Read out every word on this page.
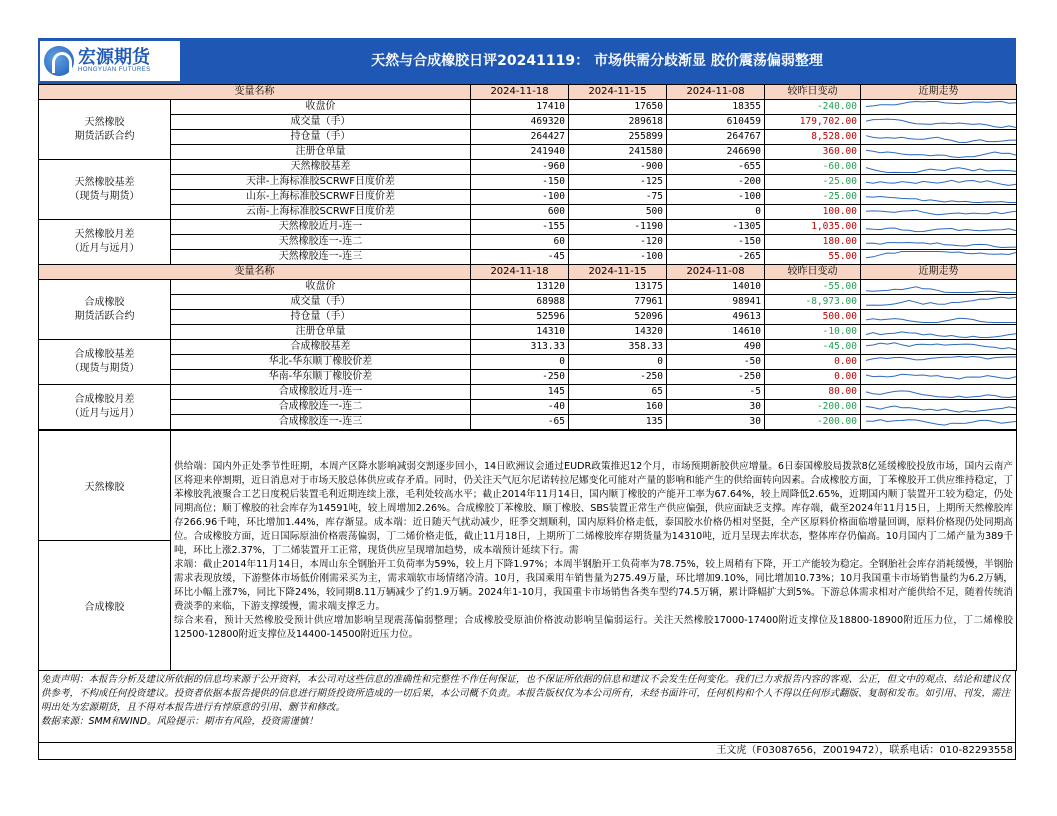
宏源期货
HONGYUAN FUTURES
天然与合成橡胶日评20241119： 市场供需分歧渐显 胶价震荡偏弱整理
变量名称		2024-11-18	2024-11-15	2024-11-08	较昨日变动	近期走势
天然橡胶
期货活跃合约	收盘价	17410	17650	18355	-240.00	

	成交量（手）	469320	289618	610459	179,702.00	

	持仓量（手）	264427	255899	264767	8,528.00	

	注册仓单量	241940	241580	246690	360.00	

天然橡胶基差
（现货与期货）	天然橡胶基差	-960	-900	-655	-60.00	

	天津-上海标准胶SCRWF日度价差	-150	-125	-200	-25.00	

	山东-上海标准胶SCRWF日度价差	-100	-75	-100	-25.00	

	云南-上海标准胶SCRWF日度价差	600	500	0	100.00	

天然橡胶月差
（近月与远月）	天然橡胶近月-连一	-155	-1190	-1305	1,035.00	

	天然橡胶连一-连二	60	-120	-150	180.00	

	天然橡胶连一-连三	-45	-100	-265	55.00	

变量名称		2024-11-18	2024-11-15	2024-11-08	较昨日变动	近期走势
合成橡胶
期货活跃合约	收盘价	13120	13175	14010	-55.00	

	成交量（手）	68988	77961	98941	-8,973.00	

	持仓量（手）	52596	52096	49613	500.00	

	注册仓单量	14310	14320	14610	-10.00	

合成橡胶基差
（现货与期货）	合成橡胶基差	313.33	358.33	490	-45.00	

	华北-华东顺丁橡胶价差	0	0	-50	0.00	

	华南-华东顺丁橡胶价差	-250	-250	-250	0.00	

合成橡胶月差
（近月与远月）	合成橡胶近月-连一	145	65	-5	80.00	

	合成橡胶连一-连二	-40	160	30	-200.00	

	合成橡胶连一-连三	-65	135	30	-200.00	
天然橡胶	

供给端：国内外正处季节性旺期，本周产区降水影响减弱交割逐步回小，14日欧洲议会通过EUDR政策推迟12个月，市场预期新胶供应增量。6日泰国橡胶局拨款8亿延缓橡胶投放市场，国内云南产区将迎来停割期，近日消息对于市场天胶总体供应或存矛盾。同时，仍关注天气厄尔尼诺转拉尼娜变化可能对产量的影响和能产生的供给面转向因素。合成橡胶方面，丁苯橡胶开工供应维持稳定，丁苯橡胶乳液聚合工艺日度税后装置毛利近期连续上涨，毛利处较高水平；截止2014年11月14日，国内顺丁橡胶的产能开工率为67.64%，较上周降低2.65%，近期国内顺丁装置开工较为稳定，仍处同期高位；顺丁橡胶的社会库存为14591吨，较上周增加2.26%。合成橡胶丁苯橡胶、顺丁橡胶、SBS装置正常生产供应偏强，供应面缺乏支撑。库存端，截至2024年11月15日，上期所天然橡胶库存266.96千吨，环比增加1.44%，库存渐显。成本端：近日随天气扰动减少，旺季交割顺利，国内原料价格走低，泰国胶水价格仍相对坚挺，全产区原料价格面临增量回调，原料价格现仍处同期高位。合成橡胶方面，近日国际原油价格震荡偏弱，丁二烯价格走低，截止11月18日，上期所丁二烯橡胶库存期货量为14310吨，近月呈现去库状态，整体库存仍偏高。10月国内丁二烯产量为389千吨，环比上涨2.37%，丁二烯装置开工正常，现货供应呈现增加趋势，成本端预计延续下行。需

求端：截止2014年11月14日，本周山东全钢胎开工负荷率为59%，较上月下降1.97%；本周半钢胎开工负荷率为78.75%，较上周稍有下降，开工产能较为稳定。全钢胎社会库存消耗缓慢，半钢胎需求表现放缓，下游整体市场低价刚需采买为主，需求端软市场情绪冷清。10月，我国乘用车销售量为275.49万量，环比增加9.10%，同比增加10.73%；10月我国重卡市场销售量约为6.2万辆，环比小幅上涨7%，同比下降24%，较同期8.11万辆减少了约1.9万辆。2024年1-10月，我国重卡市场销售各类车型约74.5万辆，累计降幅扩大到5%。下游总体需求相对产能供给不足，随着传统消费淡季的来临，下游支撑缓慢，需求端支撑乏力。

综合来看，预计天然橡胶受预计供应增加影响呈现震荡偏弱整理；合成橡胶受原油价格波动影响呈偏弱运行。关注天然橡胶17000-17400附近支撑位及18800-18900附近压力位，丁二烯橡胶12500-12800附近支撑位及14400-14500附近压力位。

合成橡胶
免责声明：本报告分析及建议所依据的信息均来源于公开资料，本公司对这些信息的准确性和完整性不作任何保证，也不保证所依据的信息和建议不会发生任何变化。我们已力求报告内容的客观、公正，但文中的观点、结论和建议仅供参考，不构成任何投资建议。投资者依据本报告提供的信息进行期货投资所造成的一切后果，本公司概不负责。本报告版权仅为本公司所有，未经书面许可，任何机构和个人不得以任何形式翻版、复制和发布。如引用、刊发，需注明出处为宏源期货，且不得对本报告进行有悖原意的引用、删节和修改。
数据来源：SMM和WIND。风险提示：期市有风险，投资需谨慎！
王文虎（F03087656，Z0019472），联系电话：010-82293558
